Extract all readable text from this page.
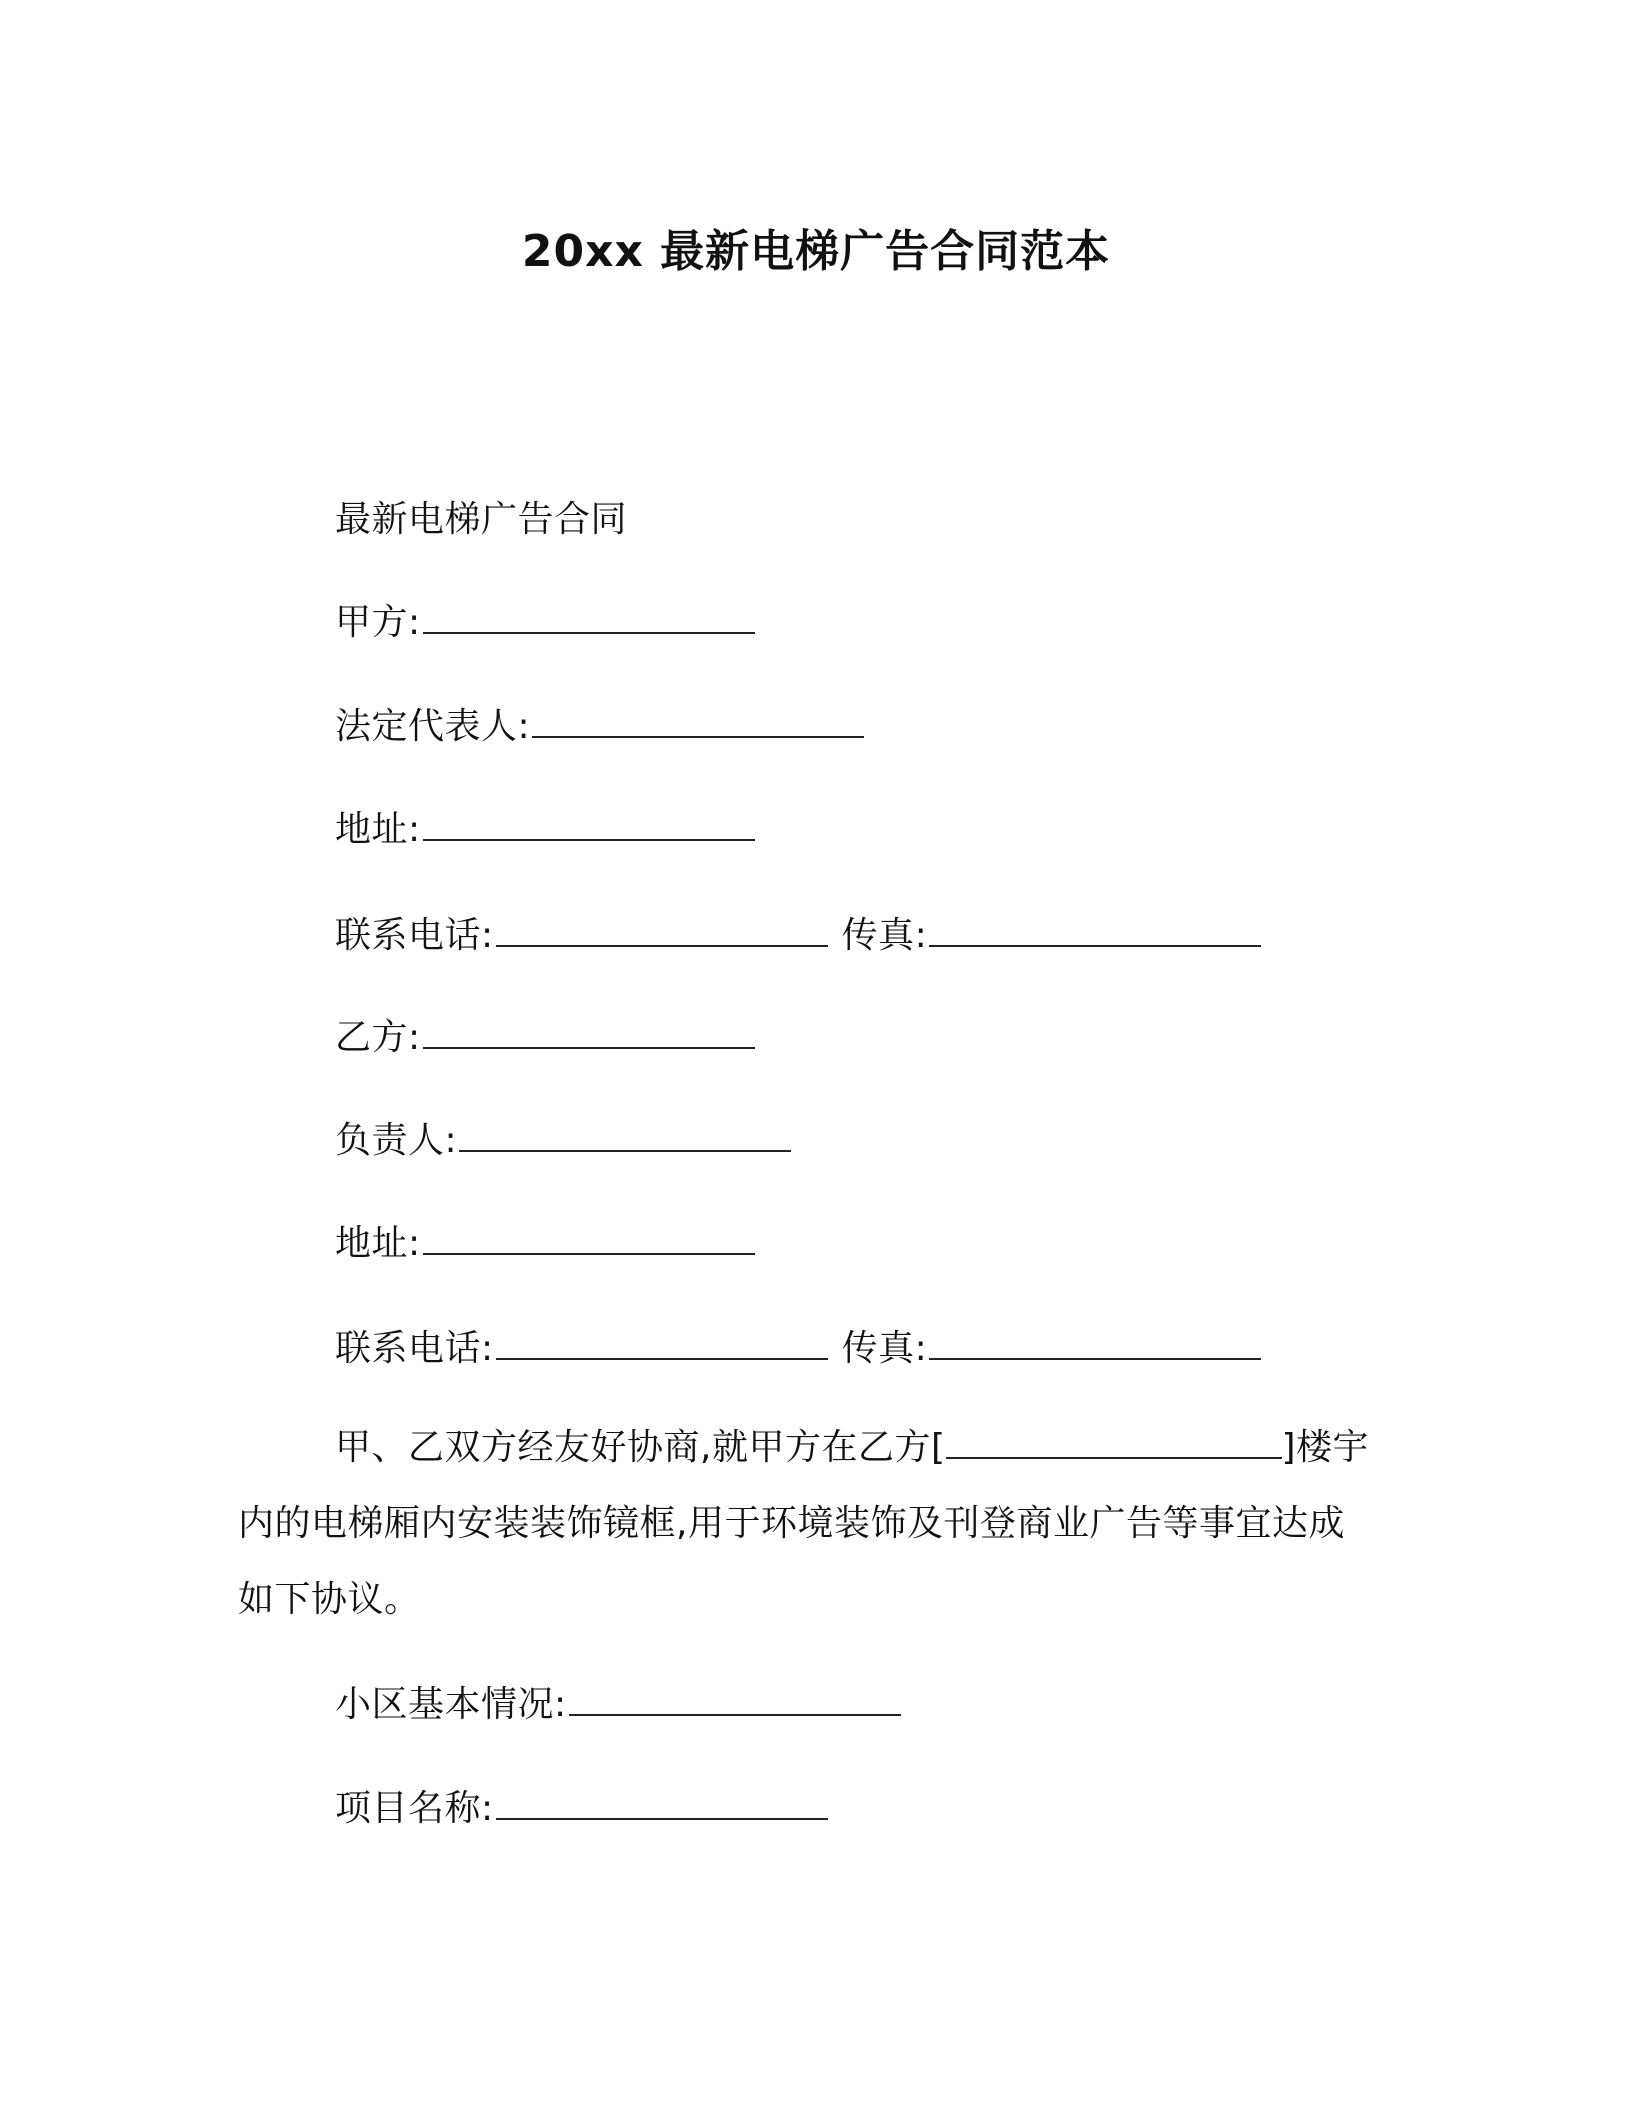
20xx 最新电梯广告合同范本
最新电梯广告合同
甲方:
法定代表人:
地址:
联系电话:	传真:
乙方:
负责人:
地址:
联系电话:	传真:
甲、乙双方经友好协商,就甲方在乙方[	]楼宇
内的电梯厢内安装装饰镜框,用于环境装饰及刊登商业广告等事宜达成
如下协议。
小区基本情况:
项目名称:
